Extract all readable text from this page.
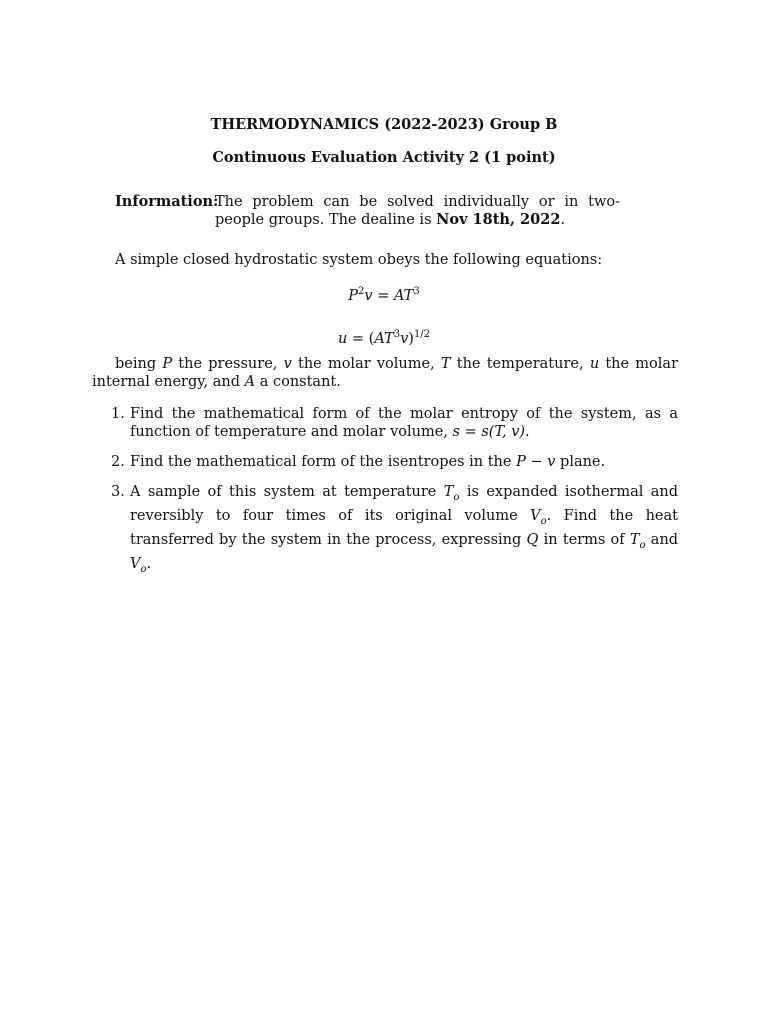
THERMODYNAMICS (2022-2023) Group B
Continuous Evaluation Activity 2 (1 point)
Information:
The problem can be solved individually or in two-people groups. The dealine is Nov 18th, 2022.
A simple closed hydrostatic system obeys the following equations:
$P^2v = AT^3$
$u = (AT^3v)^{1/2}$
being P the pressure, v the molar volume, T the temperature, u the molar internal energy, and A a constant.
1. Find the mathematical form of the molar entropy of the system, as a function of temperature and molar volume, s = s(T, v).
2. Find the mathematical form of the isentropes in the P − v plane.
3. A sample of this system at temperature $T_o$ is expanded isothermal and reversibly to four times of its original volume $V_o$. Find the heat transferred by the system in the process, expressing Q in terms of $T_o$ and $V_o$.
